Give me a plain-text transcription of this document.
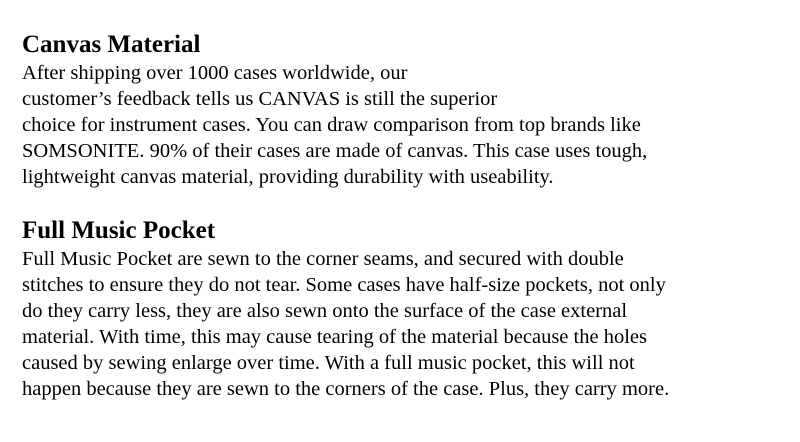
Canvas Material

After shipping over 1000 cases worldwide, our
customer’s feedback tells us CANVAS is still the superior
choice for instrument cases. You can draw comparison from top brands like
SOMSONITE. 90% of their cases are made of canvas. This case uses tough,
lightweight canvas material, providing durability with useability.

Full Music Pocket

Full Music Pocket are sewn to the corner seams, and secured with double
stitches to ensure they do not tear. Some cases have half-size pockets, not only
do they carry less, they are also sewn onto the surface of the case external
material. With time, this may cause tearing of the material because the holes
caused by sewing enlarge over time. With a full music pocket, this will not
happen because they are sewn to the corners of the case. Plus, they carry more.
